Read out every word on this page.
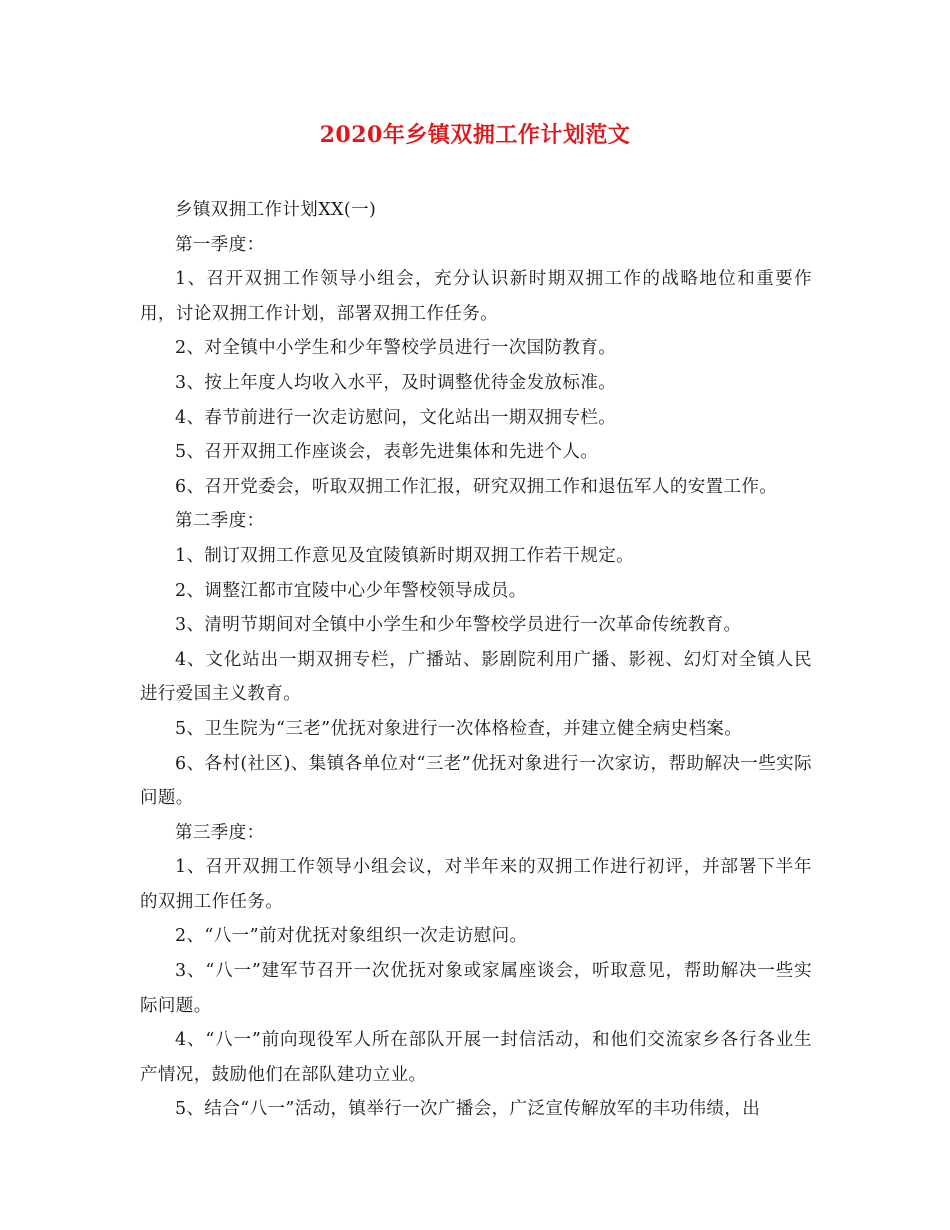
2020年乡镇双拥工作计划范文

乡镇双拥工作计划XX(一)

第一季度：

1、召开双拥工作领导小组会，充分认识新时期双拥工作的战略地位和重要作用，讨论双拥工作计划，部署双拥工作任务。

2、对全镇中小学生和少年警校学员进行一次国防教育。

3、按上年度人均收入水平，及时调整优待金发放标准。

4、春节前进行一次走访慰问，文化站出一期双拥专栏。

5、召开双拥工作座谈会，表彰先进集体和先进个人。

6、召开党委会，听取双拥工作汇报，研究双拥工作和退伍军人的安置工作。

第二季度：

1、制订双拥工作意见及宜陵镇新时期双拥工作若干规定。

2、调整江都市宜陵中心少年警校领导成员。

3、清明节期间对全镇中小学生和少年警校学员进行一次革命传统教育。

4、文化站出一期双拥专栏，广播站、影剧院利用广播、影视、幻灯对全镇人民进行爱国主义教育。

5、卫生院为“三老”优抚对象进行一次体格检查，并建立健全病史档案。

6、各村(社区)、集镇各单位对“三老”优抚对象进行一次家访，帮助解决一些实际问题。

第三季度：

1、召开双拥工作领导小组会议，对半年来的双拥工作进行初评，并部署下半年的双拥工作任务。

2、“八一”前对优抚对象组织一次走访慰问。

3、“八一”建军节召开一次优抚对象或家属座谈会，听取意见，帮助解决一些实际问题。

4、“八一”前向现役军人所在部队开展一封信活动，和他们交流家乡各行各业生产情况，鼓励他们在部队建功立业。

5、结合“八一”活动，镇举行一次广播会，广泛宣传解放军的丰功伟绩，出
